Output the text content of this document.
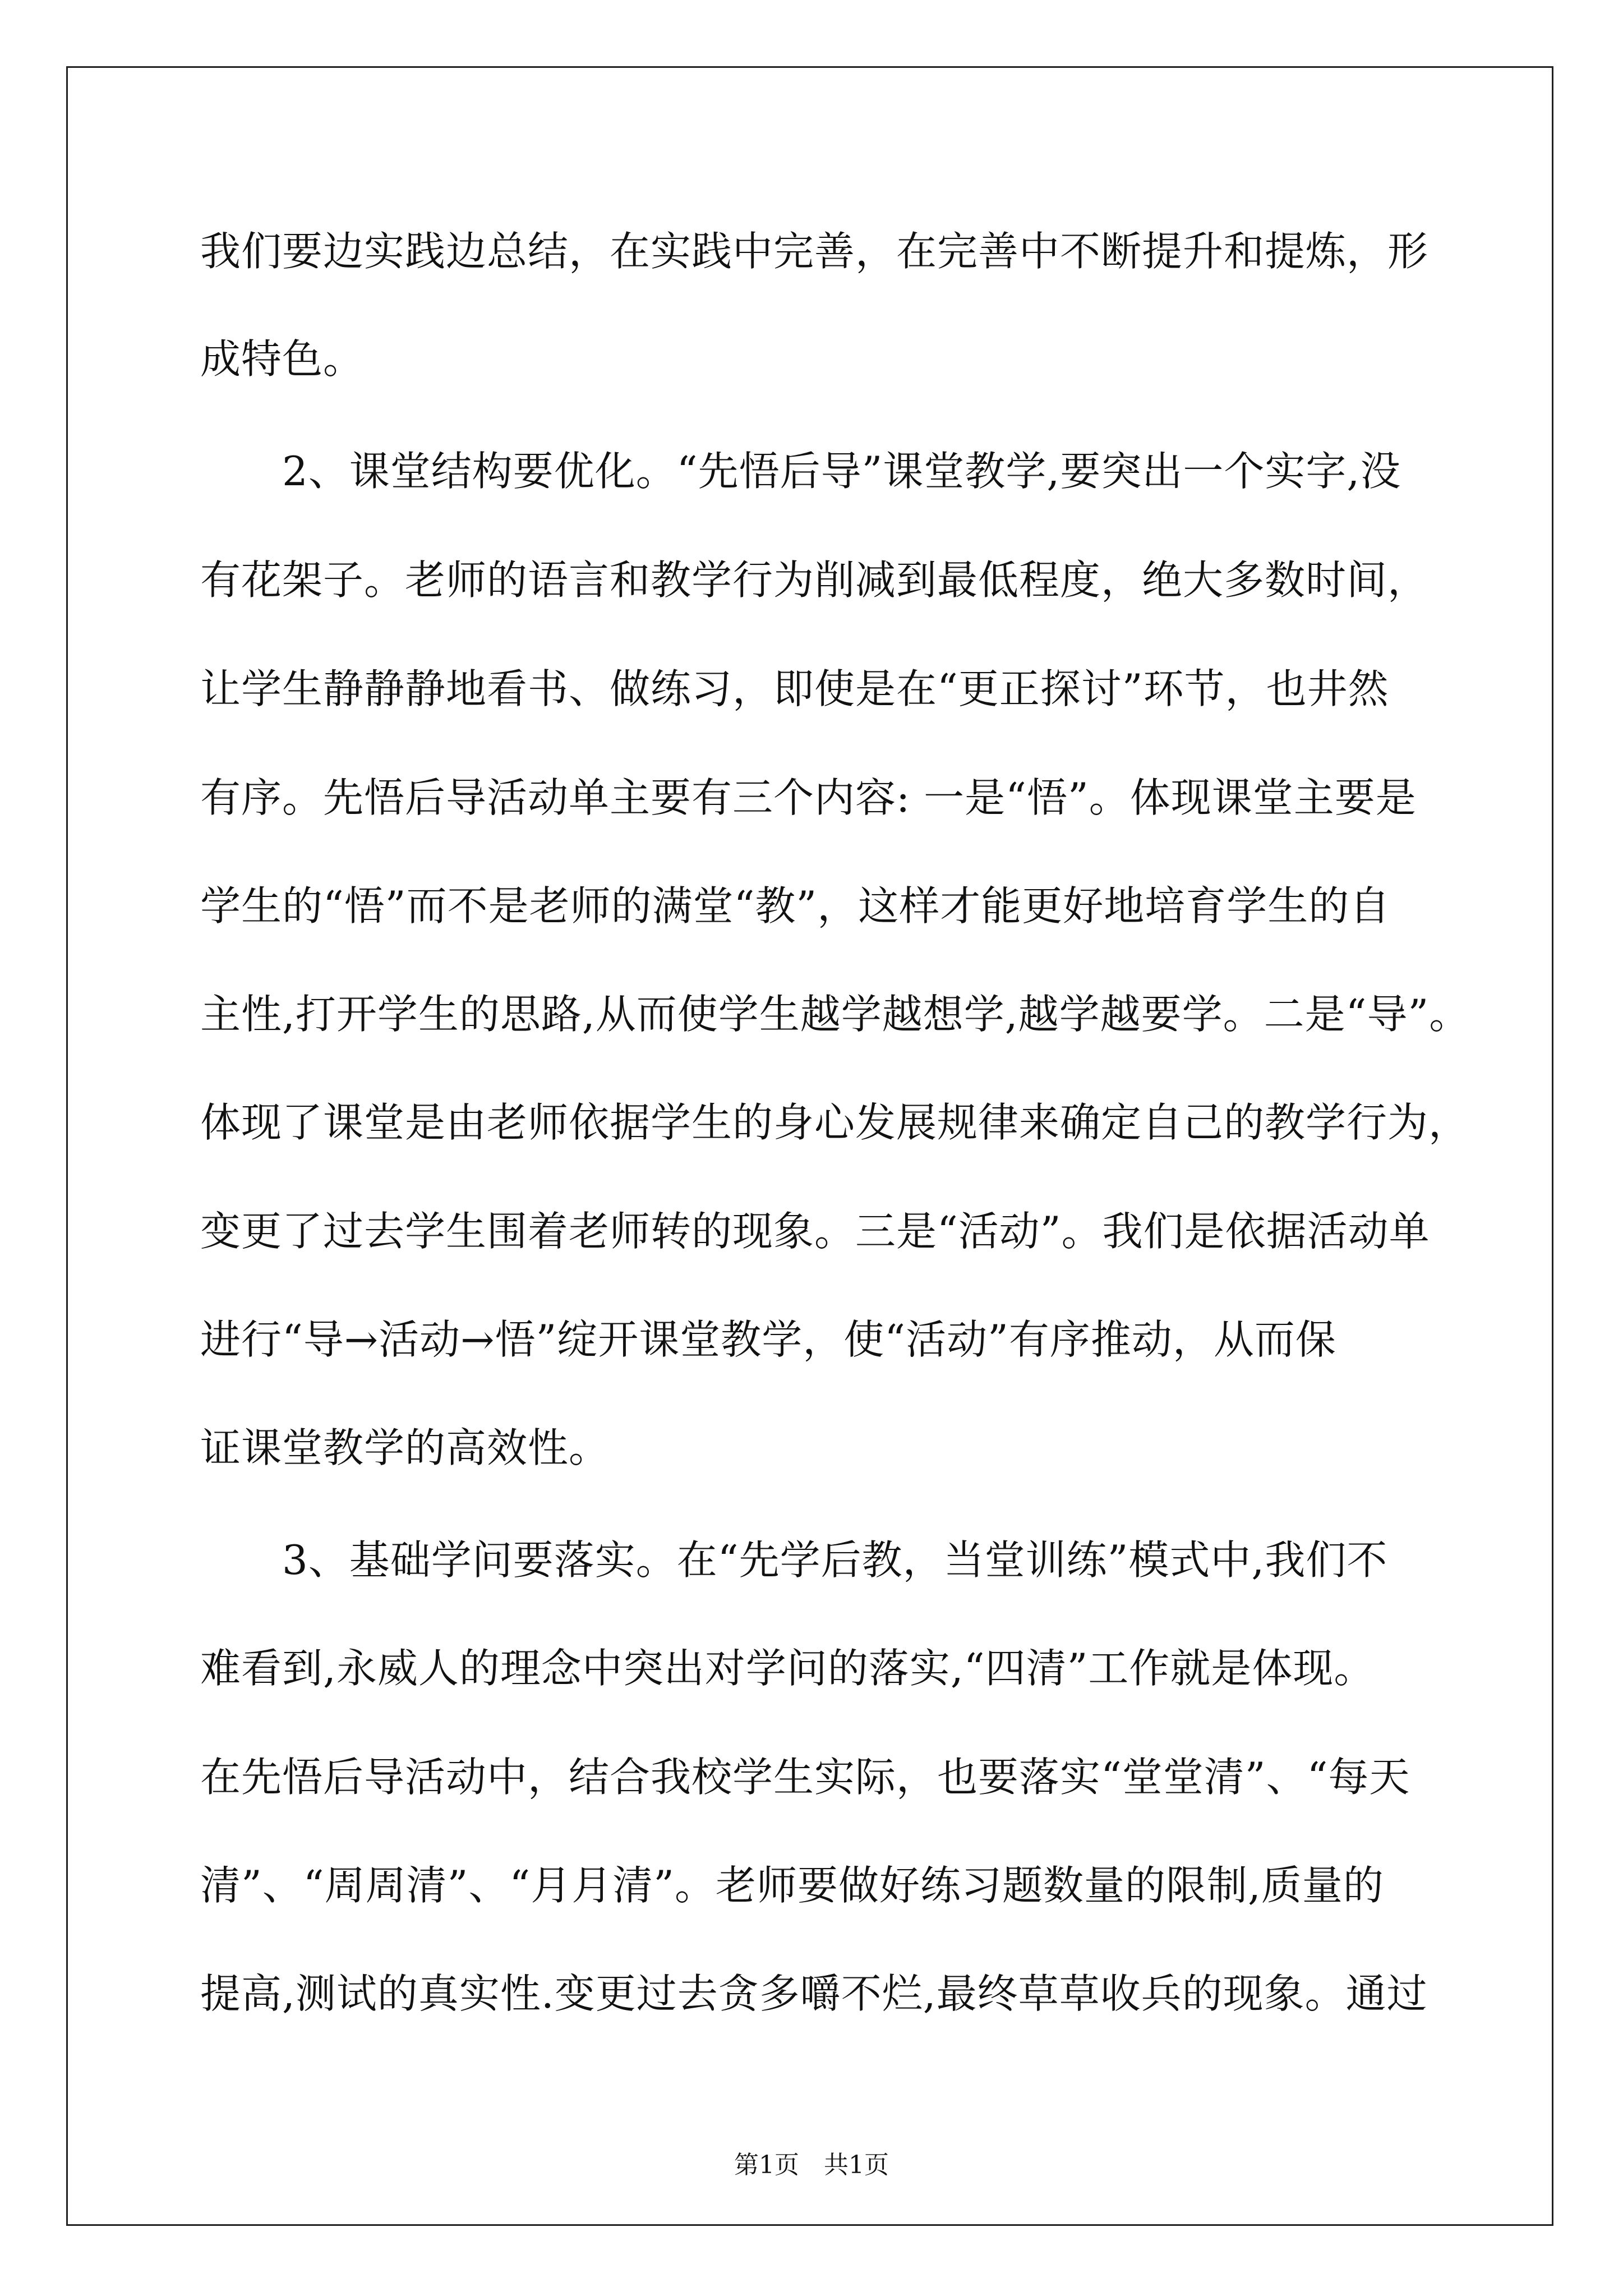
我们要边实践边总结，在实践中完善，在完善中不断提升和提炼，形
成特色。
　　2、课堂结构要优化。“先悟后导”课堂教学,要突出一个实字,没
有花架子。老师的语言和教学行为削减到最低程度，绝大多数时间，
让学生静静静地看书、做练习，即使是在“更正探讨”环节，也井然
有序。先悟后导活动单主要有三个内容: 一是“悟”。体现课堂主要是
学生的“悟”而不是老师的满堂“教”，这样才能更好地培育学生的自
主性,打开学生的思路,从而使学生越学越想学,越学越要学。二是“导”。
体现了课堂是由老师依据学生的身心发展规律来确定自己的教学行为，
变更了过去学生围着老师转的现象。三是“活动”。我们是依据活动单
进行“导→活动→悟”绽开课堂教学，使“活动”有序推动，从而保
证课堂教学的高效性。
　　3、基础学问要落实。在“先学后教，当堂训练”模式中,我们不
难看到,永威人的理念中突出对学问的落实,“四清”工作就是体现。
在先悟后导活动中，结合我校学生实际，也要落实“堂堂清”、“每天
清”、“周周清”、“月月清”。老师要做好练习题数量的限制,质量的
提高,测试的真实性.变更过去贪多嚼不烂,最终草草收兵的现象。通过
第1页　共1页
